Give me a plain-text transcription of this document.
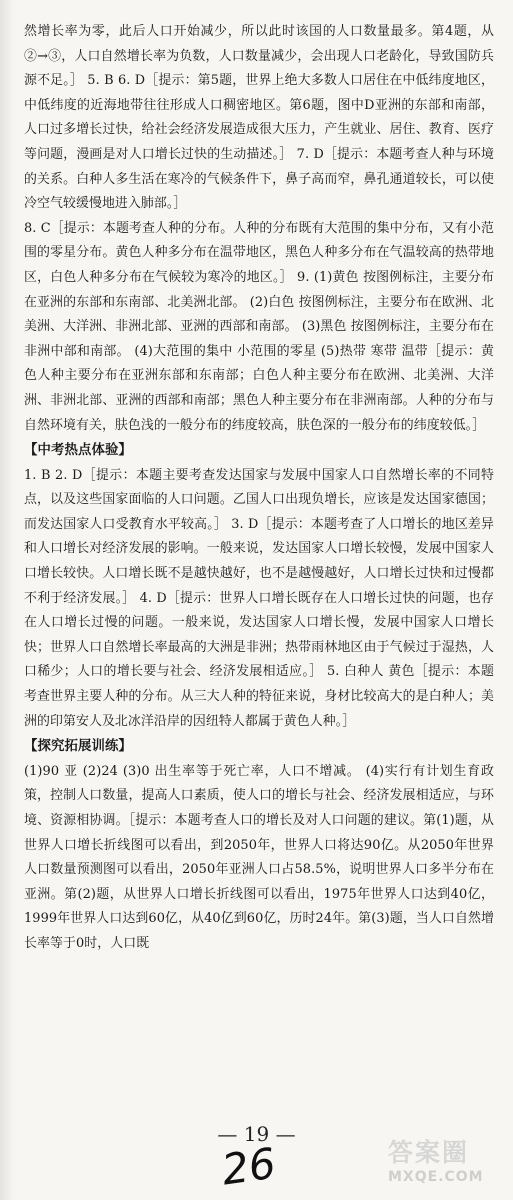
然增长率为零，此后人口开始减少，所以此时该国的人口数量最多。第4题，从②→③，人口自然增长率为负数，人口数量减少，会出现人口老龄化，导致国防兵源不足。］ 5. B 6. D［提示：第5题，世界上绝大多数人口居住在中低纬度地区，中低纬度的近海地带往往形成人口稠密地区。第6题，图中D亚洲的东部和南部，人口过多增长过快，给社会经济发展造成很大压力，产生就业、居住、教育、医疗等问题，漫画是对人口增长过快的生动描述。］ 7. D［提示：本题考查人种与环境的关系。白种人多生活在寒冷的气候条件下，鼻子高而窄，鼻孔通道较长，可以使冷空气较缓慢地进入肺部。］

8. C［提示：本题考查人种的分布。人种的分布既有大范围的集中分布，又有小范围的零星分布。黄色人种多分布在温带地区，黑色人种多分布在气温较高的热带地区，白色人种多分布在气候较为寒冷的地区。］ 9. (1)黄色 按图例标注，主要分布在亚洲的东部和东南部、北美洲北部。 (2)白色 按图例标注，主要分布在欧洲、北美洲、大洋洲、非洲北部、亚洲的西部和南部。 (3)黑色 按图例标注，主要分布在非洲中部和南部。 (4)大范围的集中 小范围的零星 (5)热带 寒带 温带［提示：黄色人种主要分布在亚洲东部和东南部；白色人种主要分布在欧洲、北美洲、大洋洲、非洲北部、亚洲的西部和南部；黑色人种主要分布在非洲南部。人种的分布与自然环境有关，肤色浅的一般分布的纬度较高，肤色深的一般分布的纬度较低。］

【中考热点体验】

1. B 2. D［提示：本题主要考查发达国家与发展中国家人口自然增长率的不同特点，以及这些国家面临的人口问题。乙国人口出现负增长，应该是发达国家德国；而发达国家人口受教育水平较高。］ 3. D［提示：本题考查了人口增长的地区差异和人口增长对经济发展的影响。一般来说，发达国家人口增长较慢，发展中国家人口增长较快。人口增长既不是越快越好，也不是越慢越好，人口增长过快和过慢都不利于经济发展。］ 4. D［提示：世界人口增长既存在人口增长过快的问题，也存在人口增长过慢的问题。一般来说，发达国家人口增长慢，发展中国家人口增长快；世界人口自然增长率最高的大洲是非洲；热带雨林地区由于气候过于湿热，人口稀少；人口的增长要与社会、经济发展相适应。］ 5. 白种人 黄色［提示：本题考查世界主要人种的分布。从三大人种的特征来说，身材比较高大的是白种人；美洲的印第安人及北冰洋沿岸的因纽特人都属于黄色人种。］

【探究拓展训练】

(1)90 亚 (2)24 (3)0 出生率等于死亡率，人口不增减。 (4)实行有计划生育政策，控制人口数量，提高人口素质，使人口的增长与社会、经济发展相适应，与环境、资源相协调。［提示：本题考查人口的增长及对人口问题的建议。第(1)题，从世界人口增长折线图可以看出，到2050年，世界人口将达90亿。从2050年世界人口数量预测图可以看出，2050年亚洲人口占58.5%，说明世界人口多半分布在亚洲。第(2)题，从世界人口增长折线图可以看出，1975年世界人口达到40亿，1999年世界人口达到60亿，从40亿到60亿，历时24年。第(3)题，当人口自然增长率等于0时，人口既

— 19 —
26	答案圈
MXQE.COM
